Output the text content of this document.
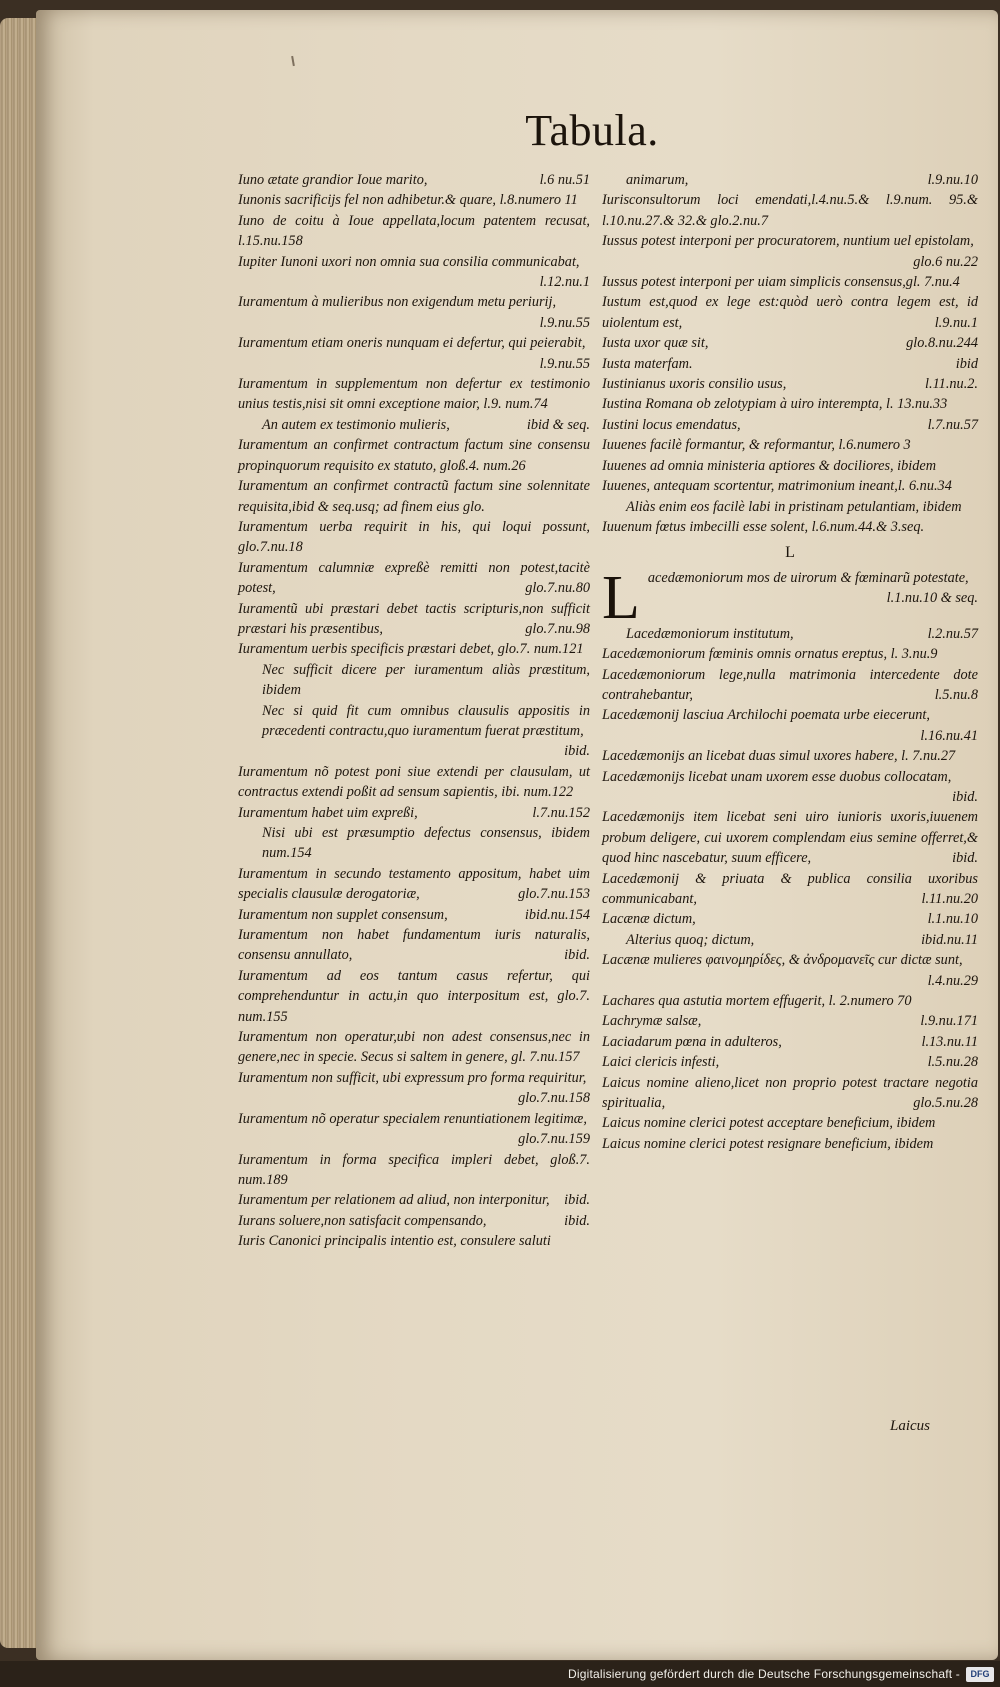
Tabula.
Iuno ætate grandior Ioue marito,	l.6 nu.51
Iunonis sacrificijs fel non adhibetur.& quare, l.8.numero 11
Iuno de coitu à Ioue appellata,locum patentem recusat, l.15.nu.158
Iupiter Iunoni uxori non omnia sua consilia communicabat,
l.12.nu.1
Iuramentum à mulieribus non exigendum metu periurij,
l.9.nu.55
Iuramentum etiam oneris nunquam ei defertur, qui peierabit,
l.9.nu.55
Iuramentum in supplementum non defertur ex testimonio unius testis,nisi sit omni exceptione maior, l.9. num.74
An autem ex testimonio mulieris,	ibid & seq.
Iuramentum an confirmet contractum factum sine consensu propinquorum requisito ex statuto, gloß.4. num.26
Iuramentum an confirmet contractũ factum sine solennitate requisita,ibid & seq.usq; ad finem eius glo.
Iuramentum uerba requirit in his, qui loqui possunt, glo.7.nu.18
Iuramentum calumniæ expreßè remitti non potest,tacitè potest,	glo.7.nu.80
Iuramentũ ubi præstari debet tactis scripturis,non sufficit præstari his præsentibus,	glo.7.nu.98
Iuramentum uerbis specificis præstari debet, glo.7. num.121
Nec sufficit dicere per iuramentum aliàs præstitum, ibidem
Nec si quid fit cum omnibus clausulis appositis in præcedenti contractu,quo iuramentum fuerat præstitum,
ibid.
Iuramentum nõ potest poni siue extendi per clausulam, ut contractus extendi poßit ad sensum sapientis, ibi. num.122
Iuramentum habet uim expreßi,	l.7.nu.152
Nisi ubi est præsumptio defectus consensus, ibidem num.154
Iuramentum in secundo testamento appositum, habet uim specialis clausulæ derogatoriæ,	glo.7.nu.153
Iuramentum non supplet consensum,	ibid.nu.154
Iuramentum non habet fundamentum iuris naturalis, consensu annullato,	ibid.
Iuramentum ad eos tantum casus refertur, qui comprehenduntur in actu,in quo interpositum est, glo.7. num.155
Iuramentum non operatur,ubi non adest consensus,nec in genere,nec in specie. Secus si saltem in genere, gl. 7.nu.157
Iuramentum non sufficit, ubi expressum pro forma requiritur,
glo.7.nu.158
Iuramentum nõ operatur specialem renuntiationem legitimæ,
glo.7.nu.159
Iuramentum in forma specifica impleri debet, gloß.7. num.189
Iuramentum per relationem ad aliud, non interponitur,	ibid.
Iurans soluere,non satisfacit compensando,	ibid.
Iuris Canonici principalis intentio est, consulere saluti
animarum,	l.9.nu.10
Iurisconsultorum loci emendati,l.4.nu.5.& l.9.num. 95.& l.10.nu.27.& 32.& glo.2.nu.7
Iussus potest interponi per procuratorem, nuntium uel epistolam,
glo.6 nu.22
Iussus potest interponi per uiam simplicis consensus,gl. 7.nu.4
Iustum est,quod ex lege est:quòd uerò contra legem est, id uiolentum est,	l.9.nu.1
Iusta uxor quæ sit,	glo.8.nu.244
Iusta materfam.	ibid
Iustinianus uxoris consilio usus,	l.11.nu.2.
Iustina Romana ob zelotypiam à uiro interempta, l. 13.nu.33
Iustini locus emendatus,	l.7.nu.57
Iuuenes facilè formantur, & reformantur, l.6.numero 3
Iuuenes ad omnia ministeria aptiores & dociliores, ibidem
Iuuenes, antequam scortentur, matrimonium ineant,l. 6.nu.34
Aliàs enim eos facilè labi in pristinam petulantiam, ibidem
Iuuenum fœtus imbecilli esse solent, l.6.num.44.& 3.seq.
L
L acedæmoniorum mos de uirorum & fœminarũ potestate,
l.1.nu.10 & seq.
Lacedæmoniorum institutum,	l.2.nu.57
Lacedæmoniorum fœminis omnis ornatus ereptus, l. 3.nu.9
Lacedæmoniorum lege,nulla matrimonia intercedente dote contrahebantur,	l.5.nu.8
Lacedæmonij lasciua Archilochi poemata urbe eiecerunt,
l.16.nu.41
Lacedæmonijs an licebat duas simul uxores habere, l. 7.nu.27
Lacedæmonijs licebat unam uxorem esse duobus collocatam,
ibid.
Lacedæmonijs item licebat seni uiro iunioris uxoris,iuuenem probum deligere, cui uxorem complendam eius semine offerret,& quod hinc nascebatur, suum efficere,	ibid.
Lacedæmonij & priuata & publica consilia uxoribus communicabant,	l.11.nu.20
Lacænæ dictum,	l.1.nu.10
Alterius quoq; dictum,	ibid.nu.11
Lacænæ mulieres φαινομηρίδες, & ἀνδρομανεῖς cur dictæ sunt,
l.4.nu.29
Lachares qua astutia mortem effugerit, l. 2.numero 70
Lachrymæ salsæ,	l.9.nu.171
Laciadarum pœna in adulteros,	l.13.nu.11
Laici clericis infesti,	l.5.nu.28
Laicus nomine alieno,licet non proprio potest tractare negotia spiritualia,	glo.5.nu.28
Laicus nomine clerici potest acceptare beneficium, ibidem
Laicus nomine clerici potest resignare beneficium, ibidem
Laicus
Digitalisierung gefördert durch die Deutsche Forschungsgemeinschaft -	DFG
